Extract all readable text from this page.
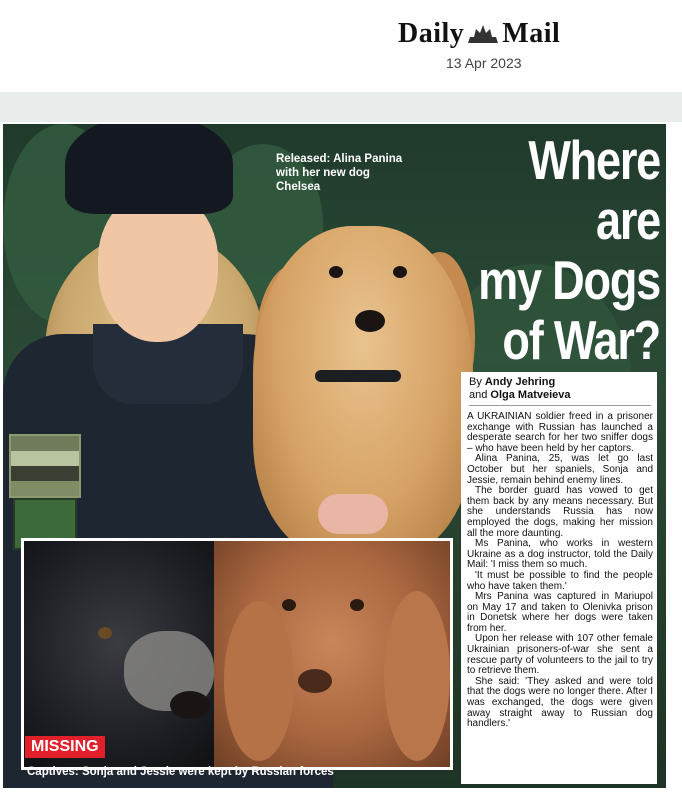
Daily Mail
13 Apr 2023
Released: Alina Panina with her new dog Chelsea	Where are
my Dogs
of War?
By Andy Jehring
and Olga Matveieva

A UKRAINIAN soldier freed in a prisoner exchange with Russian has launched a desperate search for her two sniffer dogs – who have been held by her captors.

Alina Panina, 25, was let go last October but her spaniels, Sonja and Jessie, remain behind enemy lines.

The border guard has vowed to get them back by any means necessary. But she understands Russia has now employed the dogs, making her mission all the more daunting.

Ms Panina, who works in western Ukraine as a dog instructor, told the Daily Mail: 'I miss them so much.

'It must be possible to find the people who have taken them.'

Mrs Panina was captured in Mariupol on May 17 and taken to Olenivka prison in Donetsk where her dogs were taken from her.

Upon her release with 107 other female Ukrainian prisoners-of-war she sent a rescue party of volunteers to the jail to try to retrieve them.

She said: 'They asked and were told that the dogs were no longer there. After I was exchanged, the dogs were given away straight away to Russian dog handlers.'

MISSING
Captives: Sonja and Jessie were kept by Russian forces
